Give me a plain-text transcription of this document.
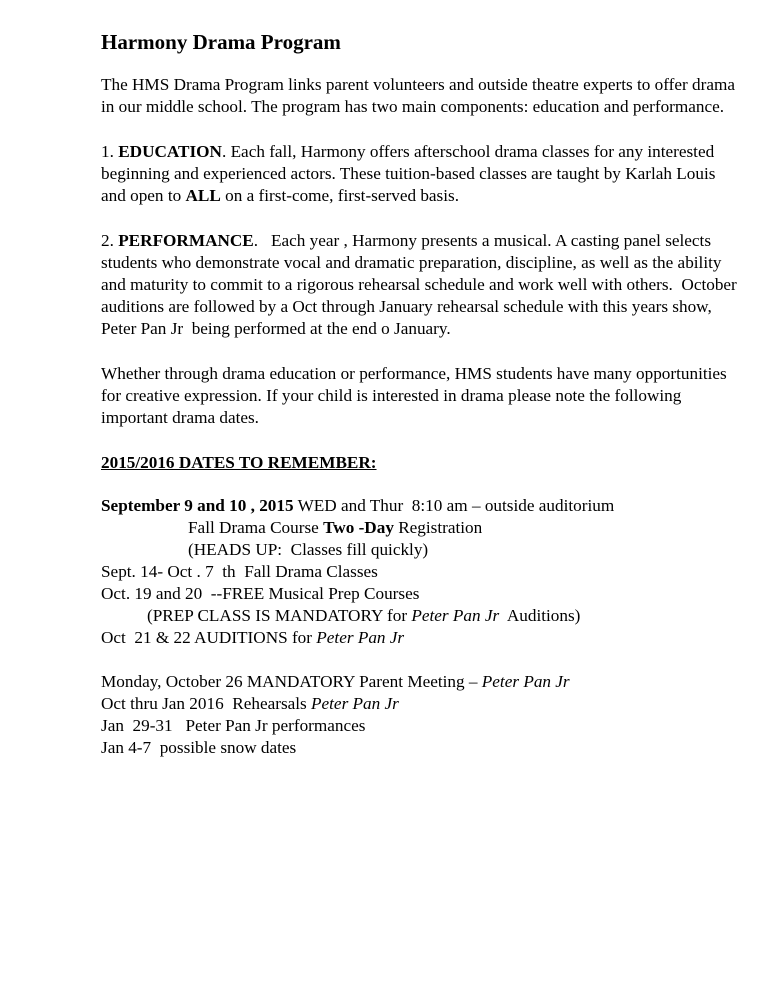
Harmony Drama Program

The HMS Drama Program links parent volunteers and outside theatre experts to offer drama in our middle school. The program has two main components: education and performance.

1. EDUCATION. Each fall, Harmony offers afterschool drama classes for any interested beginning and experienced actors. These tuition-based classes are taught by Karlah Louis and open to ALL on a first-come, first-served basis.

2. PERFORMANCE.   Each year , Harmony presents a musical. A casting panel selects students who demonstrate vocal and dramatic preparation, discipline, as well as the ability and maturity to commit to a rigorous rehearsal schedule and work well with others.  October  auditions are followed by a Oct through January rehearsal schedule with this years show, Peter Pan Jr  being performed at the end o January.

Whether through drama education or performance, HMS students have many opportunities for creative expression. If your child is interested in drama please note the following important drama dates.

2015/2016 DATES TO REMEMBER:
September 9 and 10 , 2015 WED and Thur  8:10 am – outside auditorium
Fall Drama Course Two -Day Registration
(HEADS UP:  Classes fill quickly)
Sept. 14- Oct . 7  th  Fall Drama Classes
Oct. 19 and 20  --FREE Musical Prep Courses
(PREP CLASS IS MANDATORY for Peter Pan Jr  Auditions)
Oct  21 & 22 AUDITIONS for Peter Pan Jr
Monday, October 26 MANDATORY Parent Meeting – Peter Pan Jr
Oct thru Jan 2016  Rehearsals Peter Pan Jr
Jan  29-31   Peter Pan Jr performances
Jan 4-7  possible snow dates
